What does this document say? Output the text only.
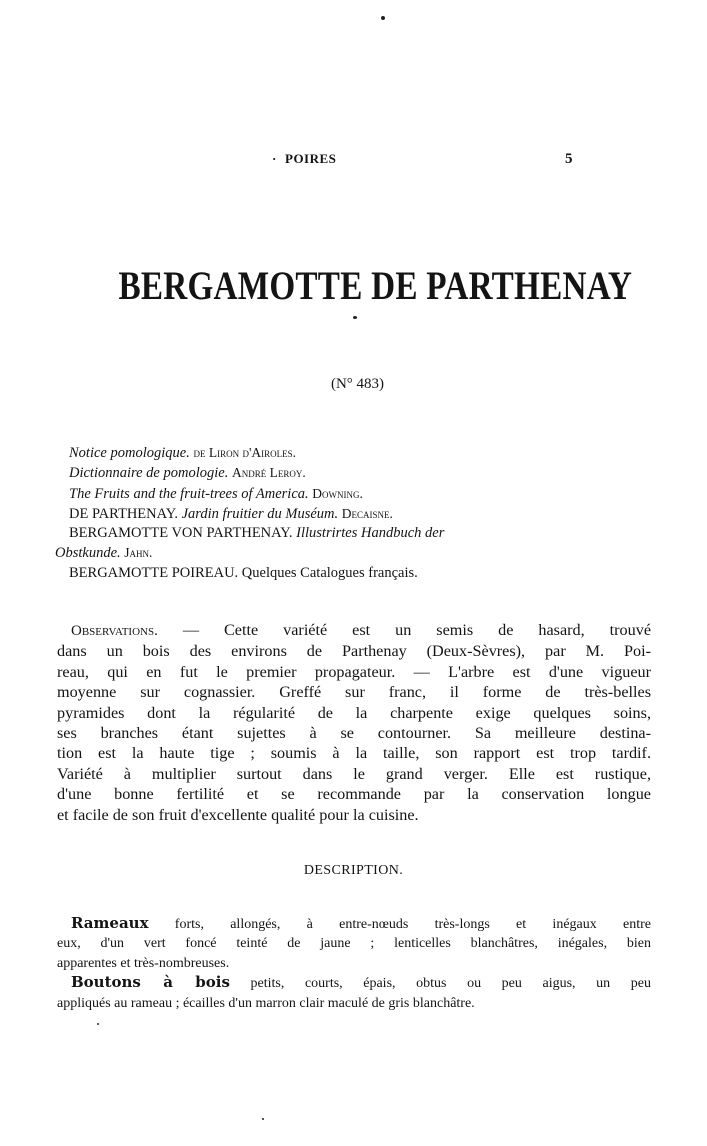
· POIRES	5
BERGAMOTTE DE PARTHENAY
(N° 483)
Notice pomologique. de Liron d'Airoles.
Dictionnaire de pomologie. André Leroy.
The Fruits and the fruit-trees of America. Downing.
DE PARTHENAY. Jardin fruitier du Muséum. Decaisne.
BERGAMOTTE VON PARTHENAY. Illustrirtes Handbuch der
Obstkunde. Jahn.
BERGAMOTTE POIREAU. Quelques Catalogues français.
Observations. — Cette variété est un semis de hasard, trouvé
dans un bois des environs de Parthenay (Deux-Sèvres), par M. Poi-
reau, qui en fut le premier propagateur. — L'arbre est d'une vigueur
moyenne sur cognassier. Greffé sur franc, il forme de très-belles
pyramides dont la régularité de la charpente exige quelques soins,
ses branches étant sujettes à se contourner. Sa meilleure destina-
tion est la haute tige ; soumis à la taille, son rapport est trop tardif.
Variété à multiplier surtout dans le grand verger. Elle est rustique,
d'une bonne fertilité et se recommande par la conservation longue
et facile de son fruit d'excellente qualité pour la cuisine.
DESCRIPTION.
Rameaux forts, allongés, à entre-nœuds très-longs et inégaux entre
eux, d'un vert foncé teinté de jaune ; lenticelles blanchâtres, inégales, bien
apparentes et très-nombreuses.
Boutons à bois petits, courts, épais, obtus ou peu aigus, un peu
appliqués au rameau ; écailles d'un marron clair maculé de gris blanchâtre.
